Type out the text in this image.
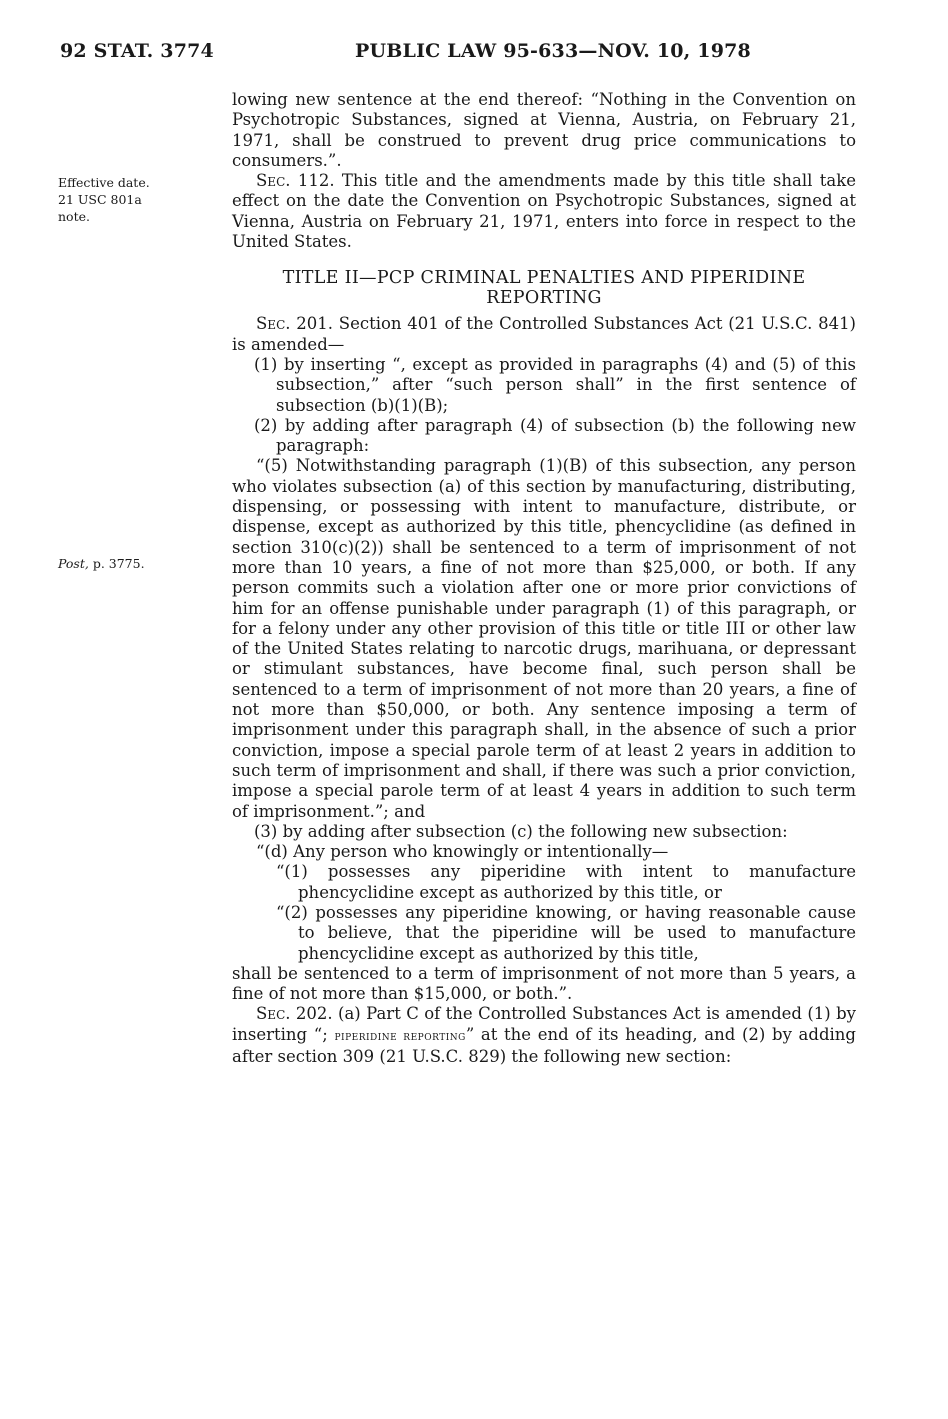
92 STAT. 3774	PUBLIC LAW 95-633—NOV. 10, 1978
Effective date.
21 USC 801a
note.
Post, p. 3775.

lowing new sentence at the end thereof: “Nothing in the Convention on Psychotropic Substances, signed at Vienna, Austria, on February 21, 1971, shall be construed to prevent drug price communications to consumers.”.

Sec. 112. This title and the amendments made by this title shall take effect on the date the Convention on Psychotropic Substances, signed at Vienna, Austria on February 21, 1971, enters into force in respect to the United States.

TITLE II—PCP CRIMINAL PENALTIES AND PIPERIDINE
REPORTING

Sec. 201. Section 401 of the Controlled Substances Act (21 U.S.C. 841) is amended—

(1) by inserting “, except as provided in paragraphs (4) and (5) of this subsection,” after “such person shall” in the first sentence of subsection (b)(1)(B);

(2) by adding after paragraph (4) of subsection (b) the following new paragraph:

“(5) Notwithstanding paragraph (1)(B) of this subsection, any person who violates subsection (a) of this section by manufacturing, distributing, dispensing, or possessing with intent to manufacture, distribute, or dispense, except as authorized by this title, phencyclidine (as defined in section 310(c)(2)) shall be sentenced to a term of imprisonment of not more than 10 years, a fine of not more than $25,000, or both. If any person commits such a violation after one or more prior convictions of him for an offense punishable under paragraph (1) of this paragraph, or for a felony under any other provision of this title or title III or other law of the United States relating to narcotic drugs, marihuana, or depressant or stimulant substances, have become final, such person shall be sentenced to a term of imprisonment of not more than 20 years, a fine of not more than $50,000, or both. Any sentence imposing a term of imprisonment under this paragraph shall, in the absence of such a prior conviction, impose a special parole term of at least 2 years in addition to such term of imprisonment and shall, if there was such a prior conviction, impose a special parole term of at least 4 years in addition to such term of imprisonment.”; and

(3) by adding after subsection (c) the following new subsection:

“(d) Any person who knowingly or intentionally—

“(1) possesses any piperidine with intent to manufacture phencyclidine except as authorized by this title, or

“(2) possesses any piperidine knowing, or having reasonable cause to believe, that the piperidine will be used to manufacture phencyclidine except as authorized by this title,

shall be sentenced to a term of imprisonment of not more than 5 years, a fine of not more than $15,000, or both.”.

Sec. 202. (a) Part C of the Controlled Substances Act is amended (1) by inserting “; piperidine reporting” at the end of its heading, and (2) by adding after section 309 (21 U.S.C. 829) the following new section:
